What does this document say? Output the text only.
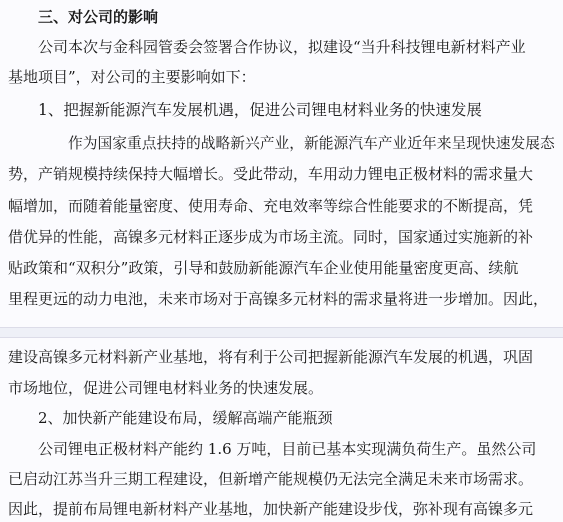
三、对公司的影响
公司本次与金科园管委会签署合作协议，拟建设“当升科技锂电新材料产业
基地项目”，对公司的主要影响如下：
1、把握新能源汽车发展机遇，促进公司锂电材料业务的快速发展
作为国家重点扶持的战略新兴产业，新能源汽车产业近年来呈现快速发展态
势，产销规模持续保持大幅增长。受此带动，车用动力锂电正极材料的需求量大
幅增加，而随着能量密度、使用寿命、充电效率等综合性能要求的不断提高，凭
借优异的性能，高镍多元材料正逐步成为市场主流。同时，国家通过实施新的补
贴政策和“双积分”政策，引导和鼓励新能源汽车企业使用能量密度更高、续航
里程更远的动力电池，未来市场对于高镍多元材料的需求量将进一步增加。因此，
建设高镍多元材料新产业基地，将有利于公司把握新能源汽车发展的机遇，巩固
市场地位，促进公司锂电材料业务的快速发展。
2、加快新产能建设布局，缓解高端产能瓶颈
公司锂电正极材料产能约 1.6 万吨，目前已基本实现满负荷生产。虽然公司
已启动江苏当升三期工程建设，但新增产能规模仍无法完全满足未来市场需求。
因此，提前布局锂电新材料产业基地，加快新产能建设步伐，弥补现有高镍多元
